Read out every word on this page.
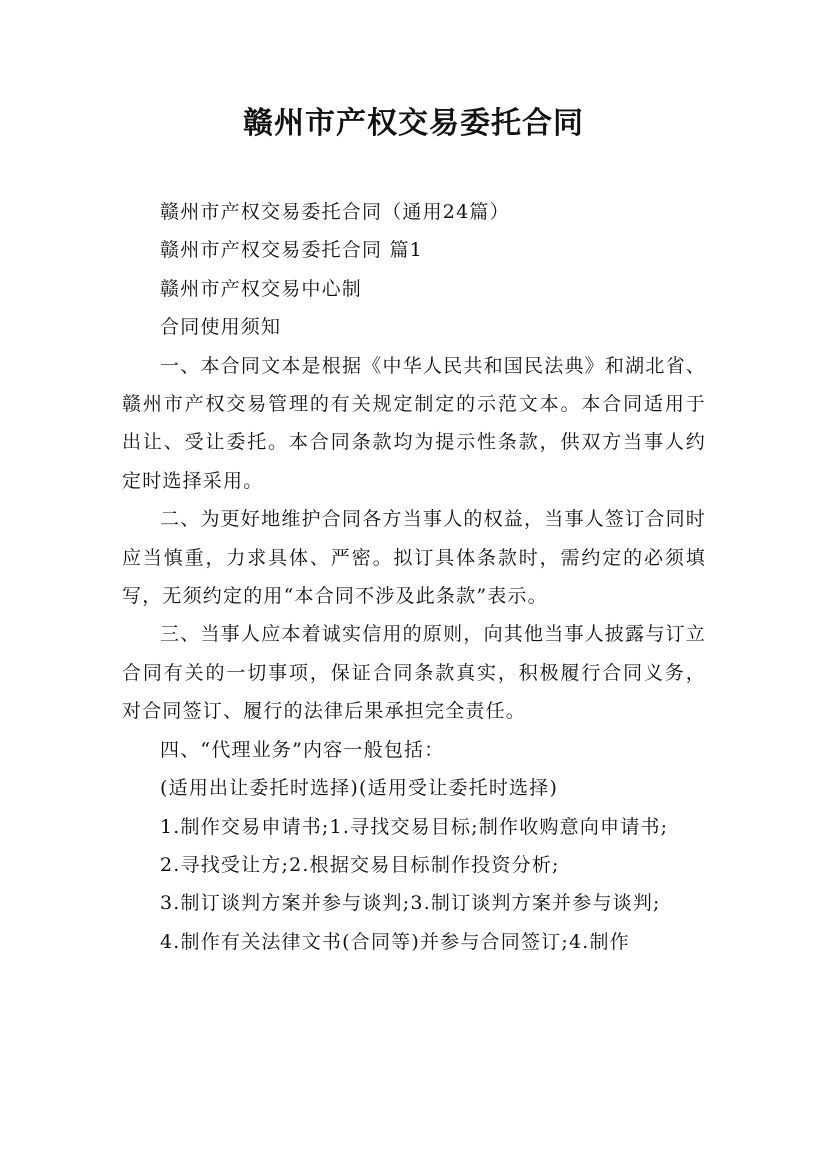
赣州市产权交易委托合同

赣州市产权交易委托合同（通用24篇）

赣州市产权交易委托合同 篇1

赣州市产权交易中心制

合同使用须知

一、本合同文本是根据《中华人民共和国民法典》和湖北省、赣州市产权交易管理的有关规定制定的示范文本。本合同适用于出让、受让委托。本合同条款均为提示性条款，供双方当事人约定时选择采用。

二、为更好地维护合同各方当事人的权益，当事人签订合同时应当慎重，力求具体、严密。拟订具体条款时，需约定的必须填写，无须约定的用“本合同不涉及此条款”表示。

三、当事人应本着诚实信用的原则，向其他当事人披露与订立合同有关的一切事项，保证合同条款真实，积极履行合同义务，对合同签订、履行的法律后果承担完全责任。

四、“代理业务”内容一般包括：

(适用出让委托时选择)(适用受让委托时选择)

1.制作交易申请书;1.寻找交易目标;制作收购意向申请书;

2.寻找受让方;2.根据交易目标制作投资分析;

3.制订谈判方案并参与谈判;3.制订谈判方案并参与谈判;

4.制作有关法律文书(合同等)并参与合同签订;4.制作
